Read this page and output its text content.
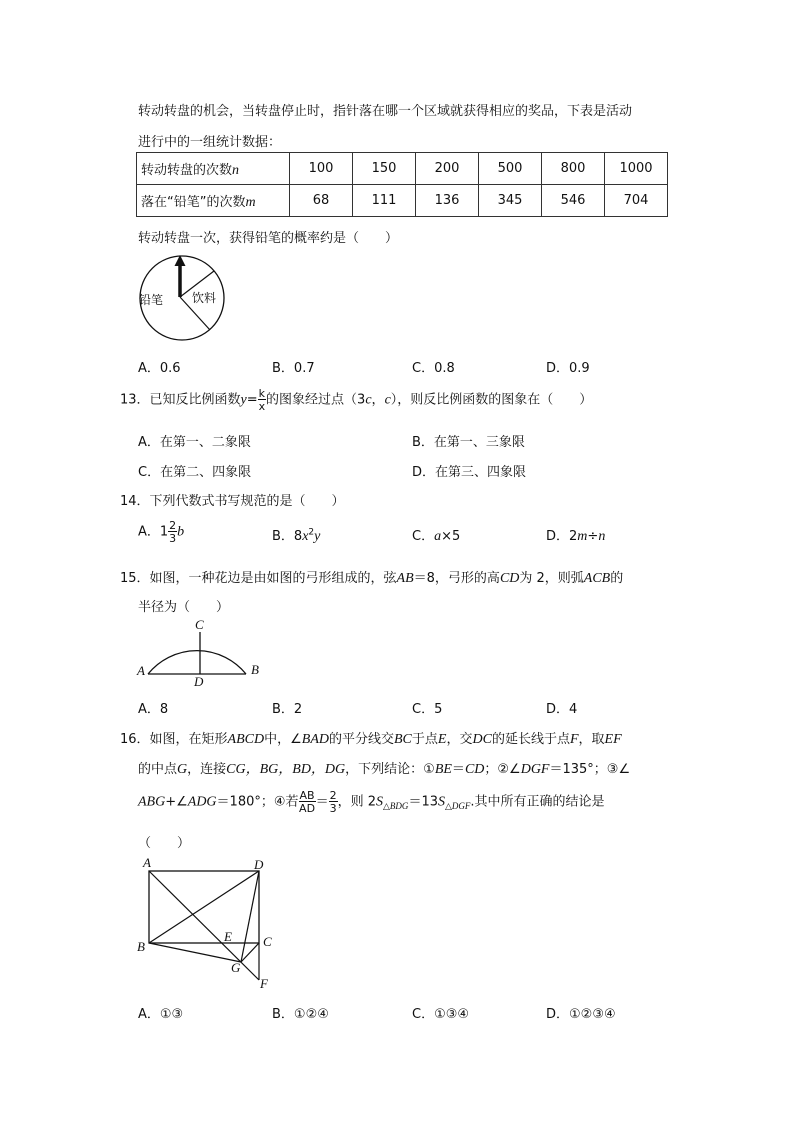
转动转盘的机会，当转盘停止时，指针落在哪一个区域就获得相应的奖品，下表是活动
进行中的一组统计数据：
转动转盘的次数n	100	150	200	500	800	1000
落在“铅笔”的次数m	68	111	136	345	546	704
转动转盘一次，获得铅笔的概率约是（　　）
铅笔 饮料
A．0.6	B．0.7	C．0.8	D．0.9
13．已知反比例函数$y= \frac{k}{x}$ 的图象经过点（3c，c），则反比例函数的图象在（　　）
A．在第一、二象限	B．在第一、三象限
C．在第二、四象限	D．在第三、四象限
14．下列代数式书写规范的是（　　）
A．$1 \frac{2}{3}$ b	B．$8x^2y$	C．a×5	D．2m÷n
15．如图，一种花边是由如图的弓形组成的，弦AB＝8，弓形的高CD为 2，则弧ACB的
半径为（　　）
A	B
C
D
A．8	B．2	C．5	D．4
16．如图，在矩形ABCD中，∠BAD的平分线交BC于点E，交DC的延长线于点F，取EF
的中点G，连接CG，BG，BD，DG，下列结论：①BE＝CD；②∠DGF＝135°；③∠
ABG+∠ADG＝180°；④若 $\frac{AB}{AD} = \frac{2}{3}$ ，则 $2S_{\triangle BDG}=13S_{\triangle DGF}$.其中所有正确的结论是
（　　）
A	D
B	C
E
G
F
A．①③	B．①②④	C．①③④	D．①②③④
